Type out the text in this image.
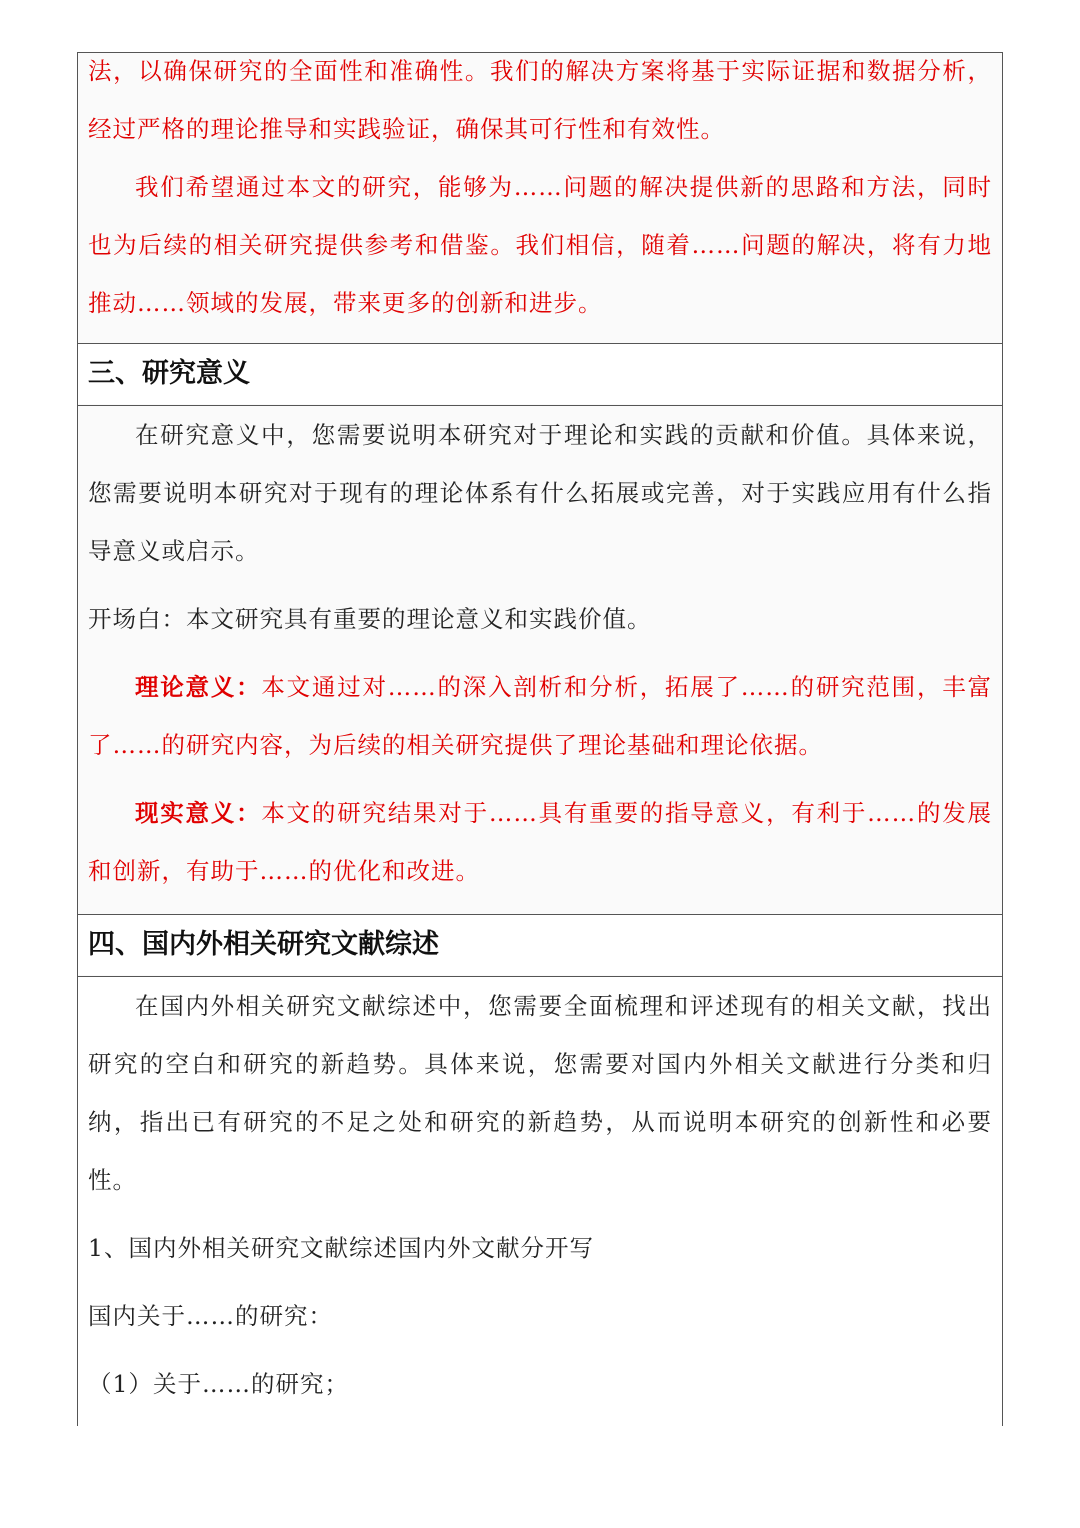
法，以确保研究的全面性和准确性。我们的解决方案将基于实际证据和数据分析，经过严格的理论推导和实践验证，确保其可行性和有效性。

我们希望通过本文的研究，能够为……问题的解决提供新的思路和方法，同时也为后续的相关研究提供参考和借鉴。我们相信，随着……问题的解决，将有力地推动……领域的发展，带来更多的创新和进步。

三、研究意义

在研究意义中，您需要说明本研究对于理论和实践的贡献和价值。具体来说，您需要说明本研究对于现有的理论体系有什么拓展或完善，对于实践应用有什么指导意义或启示。

开场白：本文研究具有重要的理论意义和实践价值。

理论意义：本文通过对……的深入剖析和分析，拓展了……的研究范围，丰富了……的研究内容，为后续的相关研究提供了理论基础和理论依据。

现实意义：本文的研究结果对于……具有重要的指导意义，有利于……的发展和创新，有助于……的优化和改进。

四、国内外相关研究文献综述

在国内外相关研究文献综述中，您需要全面梳理和评述现有的相关文献，找出研究的空白和研究的新趋势。具体来说，您需要对国内外相关文献进行分类和归纳，指出已有研究的不足之处和研究的新趋势，从而说明本研究的创新性和必要性。

1、国内外相关研究文献综述国内外文献分开写

国内关于……的研究：

（1）关于……的研究；
